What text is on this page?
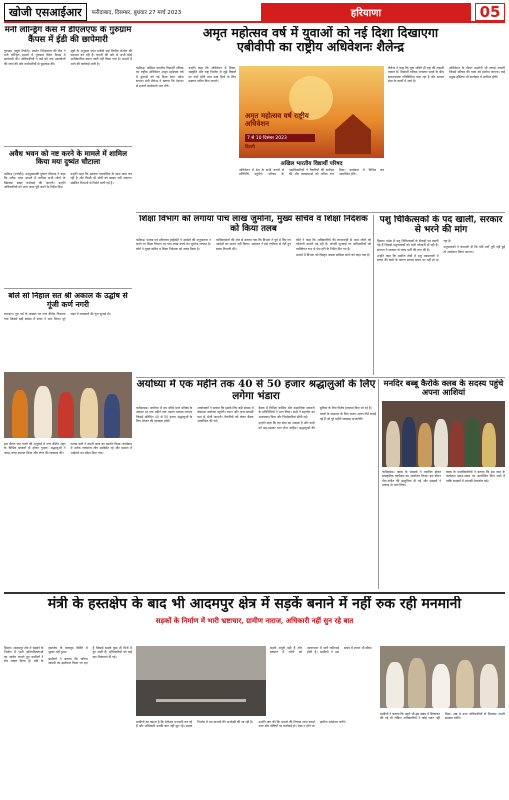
खोजी एसआईआर	फरीदाबाद, दिसम्बर, बुधवार 27 मार्च 2023	हरियाणा	05
मनी लॉन्ड्रिंग केस में डीएलएफ के गुरुग्राम कैंपस में ईडी की छापेमारी

गुरुग्राम (ब्यूरो रिपोर्ट)। प्रवर्तन निदेशालय की टीम ने मनी लॉन्ड्रिंग मामले में गुरुग्राम स्थित कैंपस में छापेमारी की। अधिकारियों ने कई घंटे तक दस्तावेजों की जांच की और कर्मचारियों से पूछताछ की।

सूत्रों के अनुसार जांच एजेंसी कई वित्तीय लेनदेन की पड़ताल कर रही है। कंपनी की ओर से अभी कोई आधिकारिक बयान जारी नहीं किया गया है। मामले में आगे की कार्रवाई जारी है।

अवैध भवन को नष्ट करने के मामले में शामिल किया मयः दुष्यंत चौटाला

चंडीगढ़ (एजेंसी)। उपमुख्यमंत्री दुष्यंत चौटाला ने कहा कि अवैध भवन मामले में शामिल सभी लोगों के खिलाफ सख्त कार्रवाई की जाएगी। उन्होंने अधिकारियों को जांच जल्द पूरी करने के निर्देश दिए।

उन्होंने कहा कि सरकार पारदर्शिता के साथ काम कर रही है और किसी भी दोषी को बख्शा नहीं जाएगा। संबंधित विभागों से रिपोर्ट मांगी गई है।

बोले सो निहाल सत श्री अकाल के उद्घोष से गूंजी कर्ण नगरी

करनाल। गुरु पर्व के अवसर पर नगर कीर्तन निकाला गया जिसमें बड़ी संख्या में संगत ने भाग लिया। पूरे शहर में जयकारों की गूंज सुनाई दी।

इस दौरान पंज प्यारों की अगुवाई में नगर कीर्तन शहर के विभिन्न बाजारों से होकर गुजरा। श्रद्धालुओं ने जगह-जगह स्वागत किया और लंगर की व्यवस्था की।

गतका दलों ने अपनी कला का प्रदर्शन किया। कार्यक्रम में अनेक गणमान्य लोग उपस्थित रहे और समाज में भाईचारे का संदेश दिया गया।

अमृत महोत्सव वर्ष में युवाओं को नई दिशा दिखाएगा
एबीवीपी का राष्ट्रीय अधिवेशनः शैलेन्द्र

चंडीगढ़। अखिल भारतीय विद्यार्थी परिषद का राष्ट्रीय अधिवेशन अमृत महोत्सव वर्ष में युवाओं को नई दिशा देगा। प्रदेश संगठन मंत्री शैलेन्द्र ने बताया कि देशभर से हजारों कार्यकर्ता भाग लेंगे।

उन्होंने कहा कि अधिवेशन में शिक्षा, संस्कृति और राष्ट्र निर्माण से जुड़े विषयों पर चर्चा होगी तथा छात्र हितों के लिए प्रस्ताव पारित किए जाएंगे।

अमृत महोत्सव वर्ष राष्ट्रीय अधिवेशन
7 से 10 दिसंबर 2023
दिल्ली
अखिल भारतीय विद्यार्थी परिषद

अधिवेशन में देश के सभी राज्यों से प्रतिनिधि पहुंचेंगे। परिषद के पदाधिकारियों ने तैयारियों की समीक्षा की और व्यवस्थाओं को अंतिम रूप दिया। कार्यक्रम में विभिन्न सत्र आयोजित होंगे।

शैलेन्द्र ने कहा कि युवा शक्ति ही राष्ट्र की असली ताकत है। विद्यार्थी परिषद लगातार छात्रों के बीच सकारात्मक गतिविधियां चला रहा है और समाज सेवा के कार्यों में आगे है।

अधिवेशन के दौरान प्रदर्शनी भी लगाई जाएगी जिसमें परिषद की यात्रा को दर्शाया जाएगा। कई प्रमुख हस्तियां भी कार्यक्रम में शामिल होंगी।

शिक्षा विभाग को लगाया पांच लाख जुर्माना, मुख्य सचिव व शिक्षा निदेशक को किया तलब

चंडीगढ़। पंजाब एवं हरियाणा हाईकोर्ट ने आदेशों की अनुपालना न करने पर शिक्षा विभाग पर पांच लाख रुपये का जुर्माना लगाया है। कोर्ट ने मुख्य सचिव व शिक्षा निदेशक को तलब किया है।

याचिकाकर्ता की ओर से बताया गया कि विभाग ने पूर्व में दिए गए आदेशों का पालन नहीं किया। अदालत ने इसे गंभीरता से लेते हुए सख्त टिप्पणी की।

कोर्ट ने कहा कि अधिकारियों की लापरवाही से आम लोगों को परेशानी उठानी पड़ रही है। अगली सुनवाई पर अधिकारियों को व्यक्तिगत रूप से पेश होने के निर्देश दिए गए हैं।

मामले में विभाग को विस्तृत जवाब दाखिल करने को कहा गया है।

पशु चिकित्सकों के पद खाली, सरकार से भरने की मांग

हिसार। प्रदेश में पशु चिकित्सकों के सैकड़ों पद खाली पड़े हैं जिससे पशुपालकों को भारी परेशानी हो रही है। संगठन ने सरकार से जल्द भर्ती की मांग की है।

उन्होंने कहा कि ग्रामीण क्षेत्रों में पशु अस्पतालों में स्टाफ की कमी के कारण इलाज समय पर नहीं हो पा रहा है।

पशुपालकों ने चेतावनी दी कि यदि मांगें पूरी नहीं हुईं तो आंदोलन किया जाएगा।

अयोध्या में एक महीने तक 40 से 50 हजार श्रद्धालुओं के लिए लगेगा भंडारा

फरीदाबाद। अयोध्या में राम मंदिर प्राण प्रतिष्ठा के अवसर पर एक महीने तक भंडारा चलाया जाएगा जिसमें प्रतिदिन 40 से 50 हजार श्रद्धालुओं के लिए भोजन की व्यवस्था होगी।

आयोजकों ने बताया कि इसके लिए बड़ी संख्या में सेवादार अयोध्या पहुंचेंगे। राशन और अन्य सामग्री यहां से भेजी जाएगी। तैयारियों को लेकर बैठक आयोजित की गई।

बैठक में विभिन्न धार्मिक और सामाजिक संगठनों के प्रतिनिधियों ने भाग लिया। सभी ने सहयोग का आश्वासन दिया और जिम्मेदारियां सौंपी गईं।

उन्होंने कहा कि यह सेवा का अवसर है और सभी को बढ़-चढ़कर भाग लेना चाहिए। श्रद्धालुओं की सुविधा के लिए विशेष इंतजाम किए जा रहे हैं।

भंडारे के संचालन के लिए अलग-अलग टीमें बनाई गई हैं जो पूरे महीने व्यवस्था संभालेंगी।

मनदिर बब्बू कैरोके क्लब के सदस्य पहुंचे अपना आशियां

फरीदाबाद। क्लब के सदस्यों ने एकत्रित होकर सांस्कृतिक कार्यक्रम का आयोजन किया। इस दौरान गीत-संगीत की प्रस्तुतियां दी गईं और सदस्यों ने उत्साह से भाग लिया।

क्लब के पदाधिकारियों ने बताया कि इस तरह के कार्यक्रम समय-समय पर आयोजित किए जाते हैं ताकि सदस्यों में आपसी मेलजोल बढ़े।

मंत्री के हस्तक्षेप के बाद भी आदमपुर क्षेत्र में सड़कें बनाने में नहीं रुक रही मनमानी
सड़कों के निर्माण में भारी भ्रष्टाचार, ग्रामीण नाराज, अधिकारी नहीं सुन रहे बात

हिसार। आदमपुर क्षेत्र में सड़कों के निर्माण में भारी अनियमितताओं का आरोप लगाते हुए ग्रामीणों ने रोष व्यक्त किया है। मंत्री के हस्तक्षेप के बावजूद स्थिति में सुधार नहीं हुआ।

ग्रामीणों ने बताया कि घटिया सामग्री का इस्तेमाल किया जा रहा है जिससे सड़कें कुछ ही दिनों में टूट जाती हैं। अधिकारियों को कई बार शिकायत दी गई।

ग्रामीणों का कहना है कि ठेकेदार मनमानी कर रहे हैं और अधिकारी उनकी बात नहीं सुन रहे। सड़क निर्माण में तय मानकों की अनदेखी की जा रही है। उन्होंने मांग की कि मामले की निष्पक्ष जांच कराई जाए और दोषियों पर कार्रवाई हो। ऐसा न होने पर ग्रामीण आंदोलन करेंगे।

सड़कें अधूरी पड़ी हैं और बरसात में लोगों को आवागमन में भारी कठिनाई होती है। ग्रामीणों ने इस संबंध में ज्ञापन भी सौंपा।

ग्रामीणों ने बताया कि पहले भी इस संबंध में शिकायत की गई थी लेकिन अधिकारियों ने कोई ध्यान नहीं दिया। अब वे उच्च अधिकारियों से मिलकर अपनी समस्या रखेंगे।
